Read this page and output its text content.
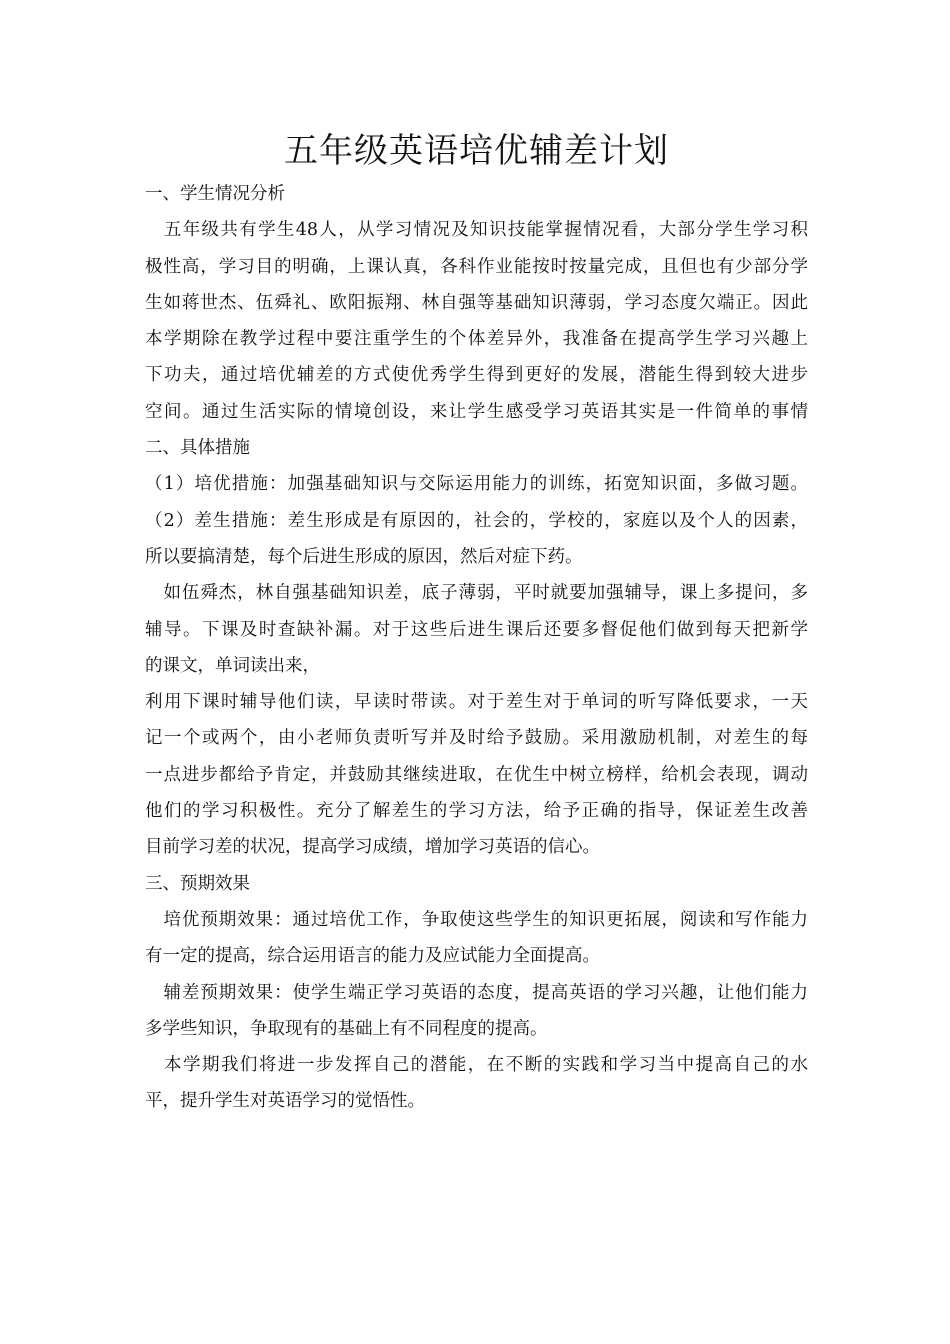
五年级英语培优辅差计划

一、学生情况分析

　五年级共有学生48人，从学习情况及知识技能掌握情况看，大部分学生学习积

极性高，学习目的明确，上课认真，各科作业能按时按量完成，且但也有少部分学

生如蒋世杰、伍舜礼、欧阳振翔、林自强等基础知识薄弱，学习态度欠端正。因此

本学期除在教学过程中要注重学生的个体差异外，我准备在提高学生学习兴趣上

下功夫，通过培优辅差的方式使优秀学生得到更好的发展，潜能生得到较大进步

空间。通过生活实际的情境创设，来让学生感受学习英语其实是一件简单的事情

二、具体措施

（1）培优措施：加强基础知识与交际运用能力的训练，拓宽知识面，多做习题。

（2）差生措施：差生形成是有原因的，社会的，学校的，家庭以及个人的因素，

所以要搞清楚，每个后进生形成的原因，然后对症下药。

　如伍舜杰，林自强基础知识差，底子薄弱，平时就要加强辅导，课上多提问，多

辅导。下课及时查缺补漏。对于这些后进生课后还要多督促他们做到每天把新学

的课文，单词读出来，

利用下课时辅导他们读，早读时带读。对于差生对于单词的听写降低要求，一天

记一个或两个，由小老师负责听写并及时给予鼓励。采用激励机制，对差生的每

一点进步都给予肯定，并鼓励其继续进取，在优生中树立榜样，给机会表现，调动

他们的学习积极性。充分了解差生的学习方法，给予正确的指导，保证差生改善

目前学习差的状况，提高学习成绩，增加学习英语的信心。

三、预期效果

　培优预期效果：通过培优工作，争取使这些学生的知识更拓展，阅读和写作能力

有一定的提高，综合运用语言的能力及应试能力全面提高。

　辅差预期效果：使学生端正学习英语的态度，提高英语的学习兴趣，让他们能力

多学些知识，争取现有的基础上有不同程度的提高。

　本学期我们将进一步发挥自己的潜能，在不断的实践和学习当中提高自己的水

平，提升学生对英语学习的觉悟性。
